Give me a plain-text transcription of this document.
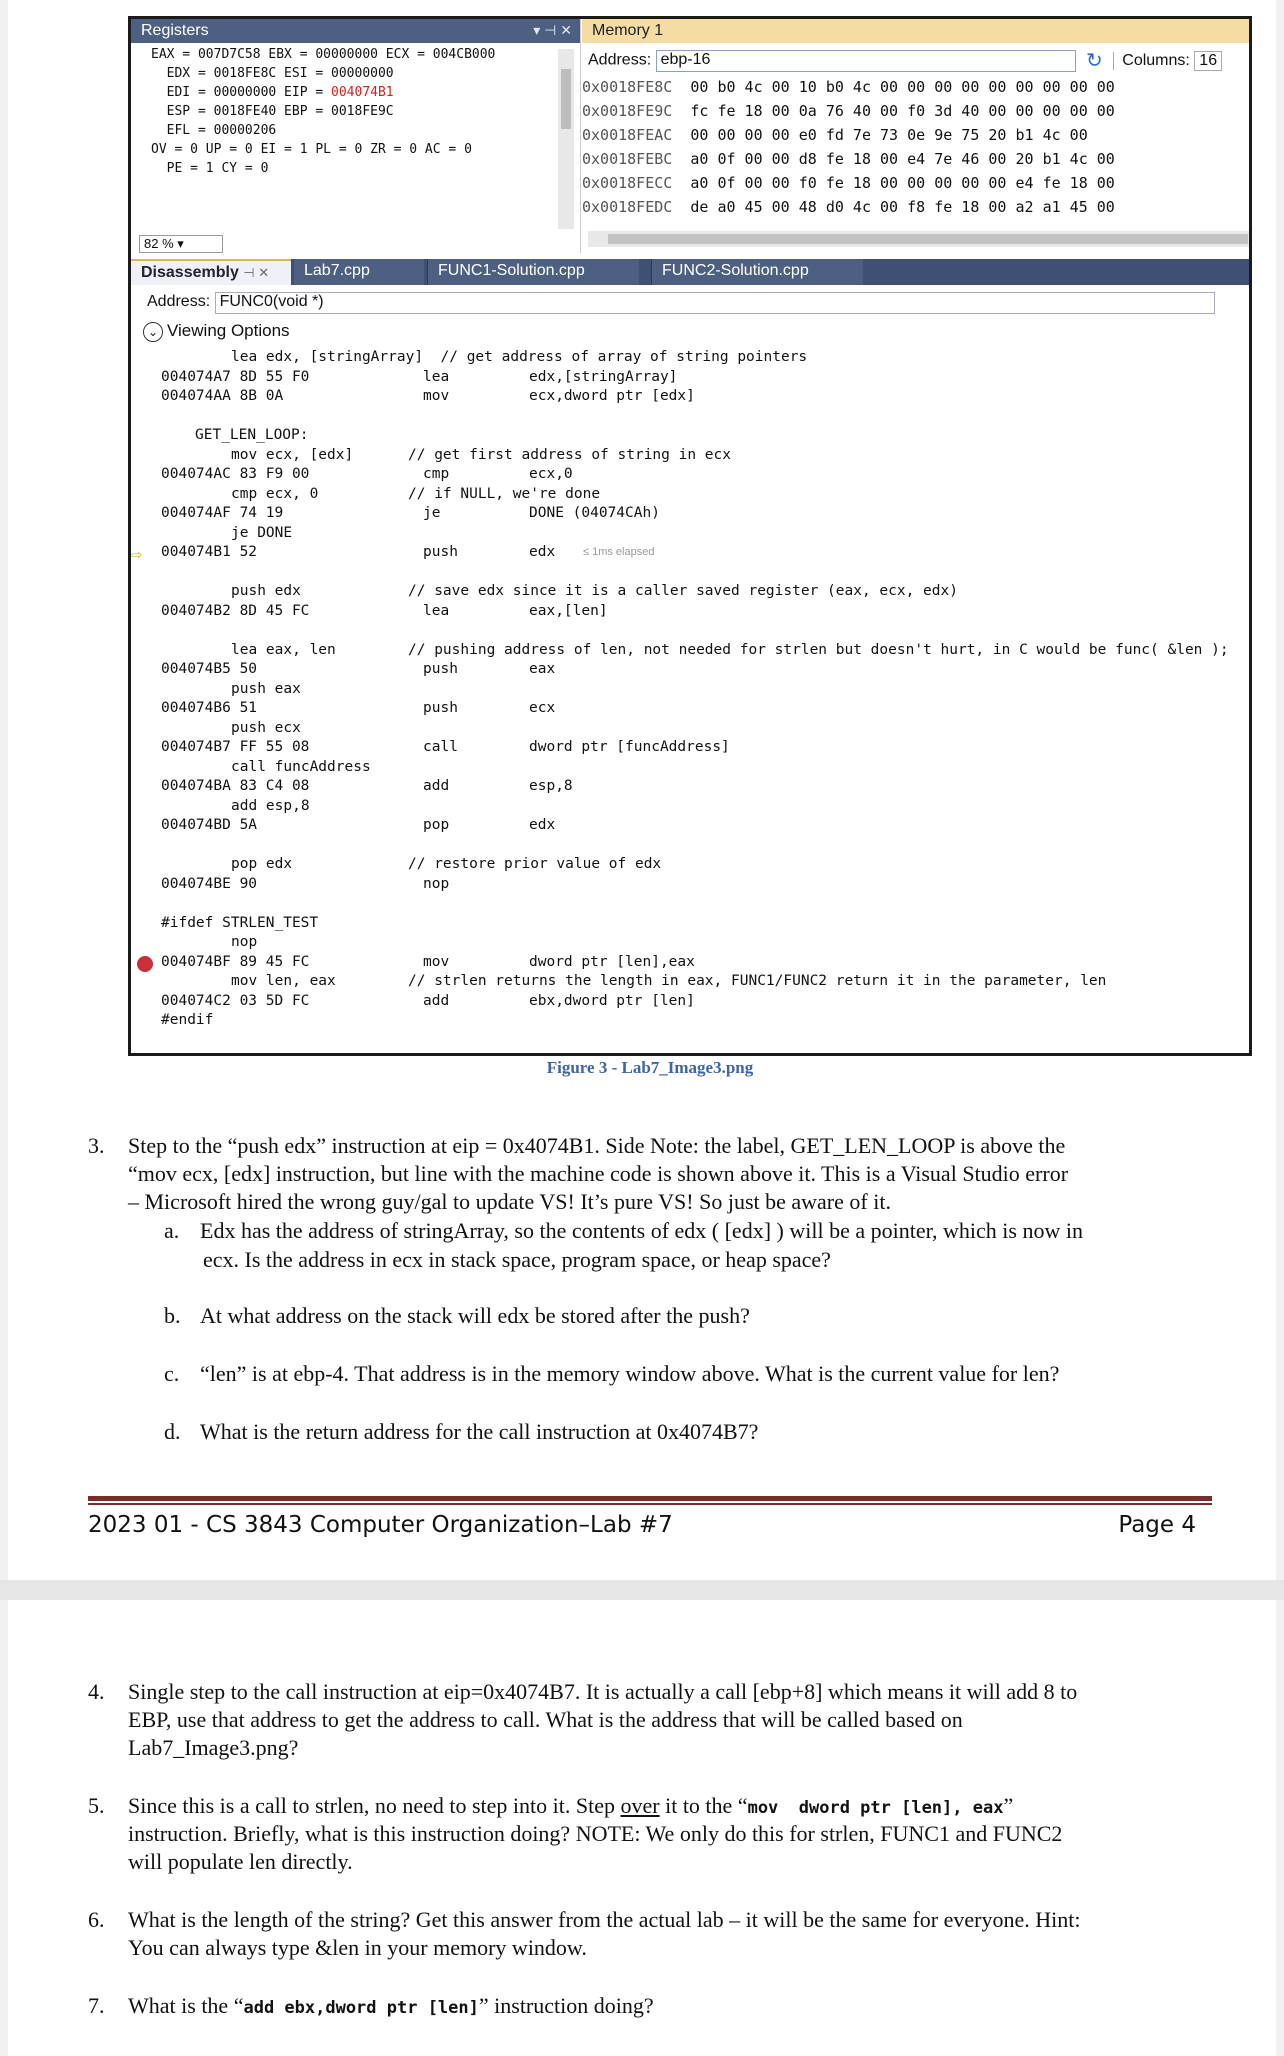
Registers	▾ ⊣ ✕
EAX = 007D7C58 EBX = 00000000 ECX = 004CB000
EDX = 0018FE8C ESI = 00000000
EDI = 00000000 EIP = 004074B1
ESP = 0018FE40 EBP = 0018FE9C
EFL = 00000206
OV = 0 UP = 0 EI = 1 PL = 0 ZR = 0 AC = 0
PE = 1 CY = 0
82 % ▾
Memory 1
Address: ebp-16	↻ Columns: 16
0x0018FE8C 00 b0 4c 00 10 b0 4c 00 00 00 00 00 00 00 00 00
0x0018FE9C fc fe 18 00 0a 76 40 00 f0 3d 40 00 00 00 00 00
0x0018FEAC 00 00 00 00 e0 fd 7e 73 0e 9e 75 20 b1 4c 00
0x0018FEBC a0 0f 00 00 d8 fe 18 00 e4 7e 46 00 20 b1 4c 00
0x0018FECC a0 0f 00 00 f0 fe 18 00 00 00 00 00 e4 fe 18 00
0x0018FEDC de a0 45 00 48 d0 4c 00 f8 fe 18 00 a2 a1 45 00
Disassembly ⊣ ✕	Lab7.cpp	FUNC1-Solution.cpp	FUNC2-Solution.cpp
Address: FUNC0(void *)
⌄ Viewing Options
lea edx, [stringArray]  // get address of array of string pointers
004074A7 8D 55 F0	lea	edx,[stringArray]
004074AA 8B 0A	mov	ecx,dword ptr [edx]
GET_LEN_LOOP:
mov ecx, [edx]	// get first address of string in ecx
004074AC 83 F9 00	cmp	ecx,0
cmp ecx, 0	// if NULL, we're done
004074AF 74 19	je	DONE (04074CAh)
je DONE
⇨ 004074B1 52	push	edx	≤ 1ms elapsed
push edx	// save edx since it is a caller saved register (eax, ecx, edx)
004074B2 8D 45 FC	lea	eax,[len]
lea eax, len	// pushing address of len, not needed for strlen but doesn't hurt, in C would be func( &len );
004074B5 50	push	eax
push eax
004074B6 51	push	ecx
push ecx
004074B7 FF 55 08	call	dword ptr [funcAddress]
call funcAddress
004074BA 83 C4 08	add	esp,8
add esp,8
004074BD 5A	pop	edx
pop edx	// restore prior value of edx
004074BE 90	nop
#ifdef STRLEN_TEST
nop
004074BF 89 45 FC	mov	dword ptr [len],eax
mov len, eax	// strlen returns the length in eax, FUNC1/FUNC2 return it in the parameter, len
004074C2 03 5D FC	add	ebx,dword ptr [len]
#endif
Figure 3 - Lab7_Image3.png
3. Step to the “push edx” instruction at eip = 0x4074B1. Side Note: the label, GET_LEN_LOOP is above the
“mov ecx, [edx] instruction, but line with the machine code is shown above it. This is a Visual Studio error
– Microsoft hired the wrong guy/gal to update VS! It’s pure VS! So just be aware of it.
a. Edx has the address of stringArray, so the contents of edx ( [edx] ) will be a pointer, which is now in
ecx. Is the address in ecx in stack space, program space, or heap space?
b. At what address on the stack will edx be stored after the push?
c. “len” is at ebp-4. That address is in the memory window above. What is the current value for len?
d. What is the return address for the call instruction at 0x4074B7?
2023 01 - CS 3843 Computer Organization–Lab #7	Page 4
4. Single step to the call instruction at eip=0x4074B7. It is actually a call [ebp+8] which means it will add 8 to
EBP, use that address to get the address to call. What is the address that will be called based on
Lab7_Image3.png?
5. Since this is a call to strlen, no need to step into it. Step over it to the “mov  dword ptr [len], eax”
instruction. Briefly, what is this instruction doing? NOTE: We only do this for strlen, FUNC1 and FUNC2
will populate len directly.
6. What is the length of the string? Get this answer from the actual lab – it will be the same for everyone. Hint:
You can always type &len in your memory window.
7. What is the “add ebx,dword ptr [len]” instruction doing?
